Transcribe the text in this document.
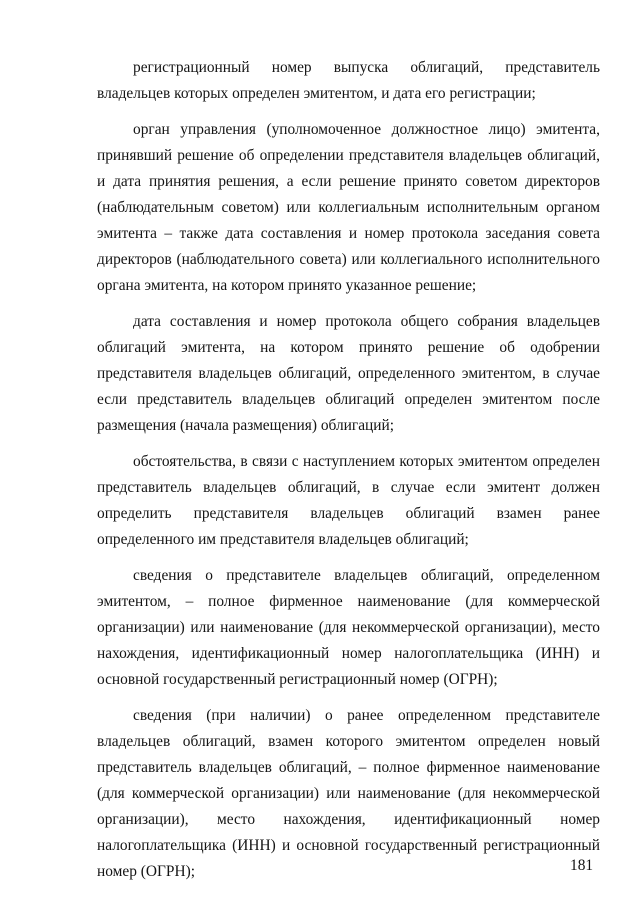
регистрационный номер выпуска облигаций, представитель владельцев которых определен эмитентом, и дата его регистрации;

орган управления (уполномоченное должностное лицо) эмитента, принявший решение об определении представителя владельцев облигаций, и дата принятия решения, а если решение принято советом директоров (наблюдательным советом) или коллегиальным исполнительным органом эмитента – также дата составления и номер протокола заседания совета директоров (наблюдательного совета) или коллегиального исполнительного органа эмитента, на котором принято указанное решение;

дата составления и номер протокола общего собрания владельцев облигаций эмитента, на котором принято решение об одобрении представителя владельцев облигаций, определенного эмитентом, в случае если представитель владельцев облигаций определен эмитентом после размещения (начала размещения) облигаций;

обстоятельства, в связи с наступлением которых эмитентом определен представитель владельцев облигаций, в случае если эмитент должен определить представителя владельцев облигаций взамен ранее определенного им представителя владельцев облигаций;

сведения о представителе владельцев облигаций, определенном эмитентом, – полное фирменное наименование (для коммерческой организации) или наименование (для некоммерческой организации), место нахождения, идентификационный номер налогоплательщика (ИНН) и основной государственный регистрационный номер (ОГРН);

сведения (при наличии) о ранее определенном представителе владельцев облигаций, взамен которого эмитентом определен новый представитель владельцев облигаций, – полное фирменное наименование (для коммерческой организации) или наименование (для некоммерческой организации), место нахождения, идентификационный номер налогоплательщика (ИНН) и основной государственный регистрационный номер (ОГРН);	181
